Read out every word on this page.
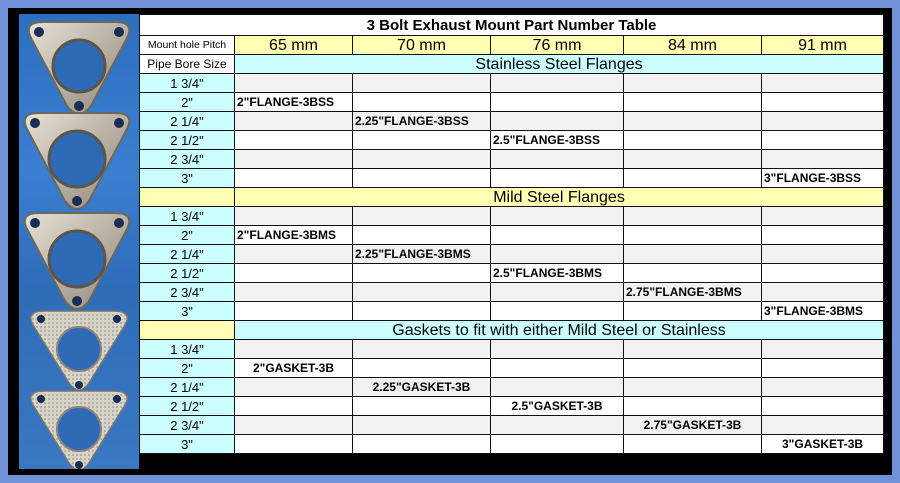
3 Bolt Exhaust Mount Part Number Table					
Mount hole Pitch	65 mm	70 mm	76 mm	84 mm	91 mm
Pipe Bore Size	Stainless Steel Flanges				
1 3/4"					
2"	2"FLANGE-3BSS				
2 1/4"		2.25"FLANGE-3BSS			
2 1/2"			2.5"FLANGE-3BSS		
2 3/4"					
3"					3"FLANGE-3BSS
	Mild Steel Flanges				
1 3/4"					
2"	2"FLANGE-3BMS				
2 1/4"		2.25"FLANGE-3BMS			
2 1/2"			2.5"FLANGE-3BMS		
2 3/4"				2.75"FLANGE-3BMS	
3"					3"FLANGE-3BMS
	Gaskets to fit with either Mild Steel or Stainless				
1 3/4"					
2"	2"GASKET-3B				
2 1/4"		2.25"GASKET-3B			
2 1/2"			2.5"GASKET-3B		
2 3/4"				2.75"GASKET-3B	
3"					3"GASKET-3B
